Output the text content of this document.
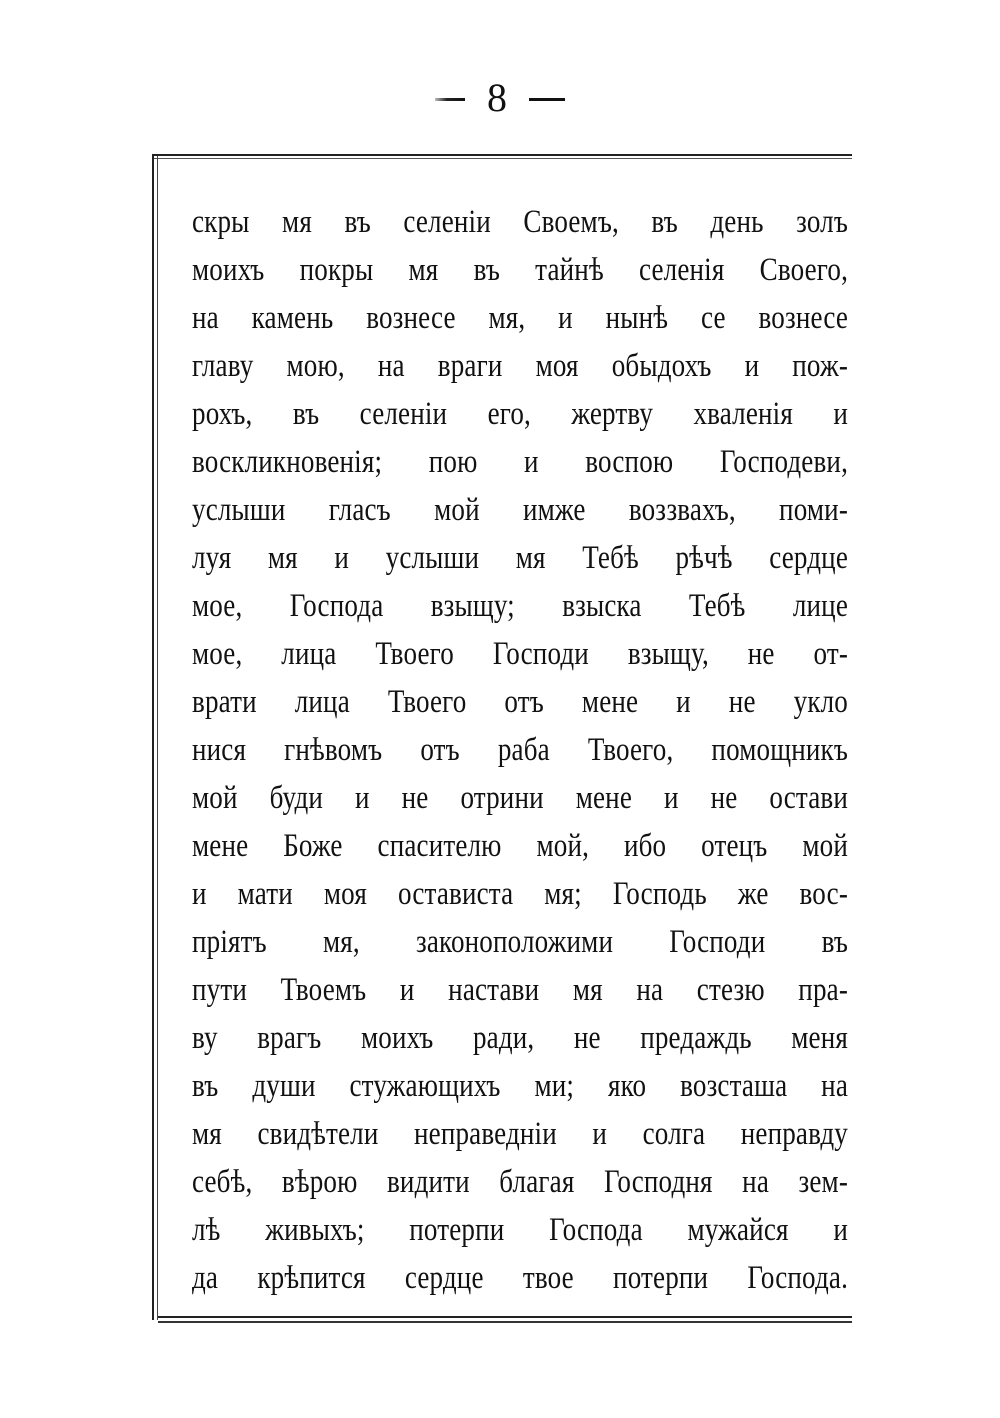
8
скры мя въ селеніи Своемъ, въ день золъ
моихъ покры мя въ тайнѣ селенія Своего,
на камень вознесе мя, и нынѣ се вознесе
главу мою, на враги моя обыдохъ и пож-
рохъ, въ селеніи его, жертву хваленія и
воскликновенія; пою и воспою Господеви,
услыши гласъ мой имже воззвахъ, поми-
луя мя и услыши мя Тебѣ рѣчѣ сердце
мое, Господа взыщу; взыска Тебѣ лице
мое, лица Твоего Господи взыщу, не от-
врати лица Твоего отъ мене и не укло
нися гнѣвомъ отъ раба Твоего, помощникъ
мой буди и не отрини мене и не остави
мене Боже спасителю мой, ибо отецъ мой
и мати моя остависта мя; Господь же вос-
пріятъ мя, законоположими Господи въ
пути Твоемъ и настави мя на стезю пра-
ву врагъ моихъ ради, не предаждь меня
въ души стужающихъ ми; яко возсташа на
мя свидѣтели неправедніи и солга неправду
себѣ, вѣрою видити благая Господня на зем-
лѣ живыхъ; потерпи Господа мужайся и
да крѣпится сердце твое потерпи Господа.
